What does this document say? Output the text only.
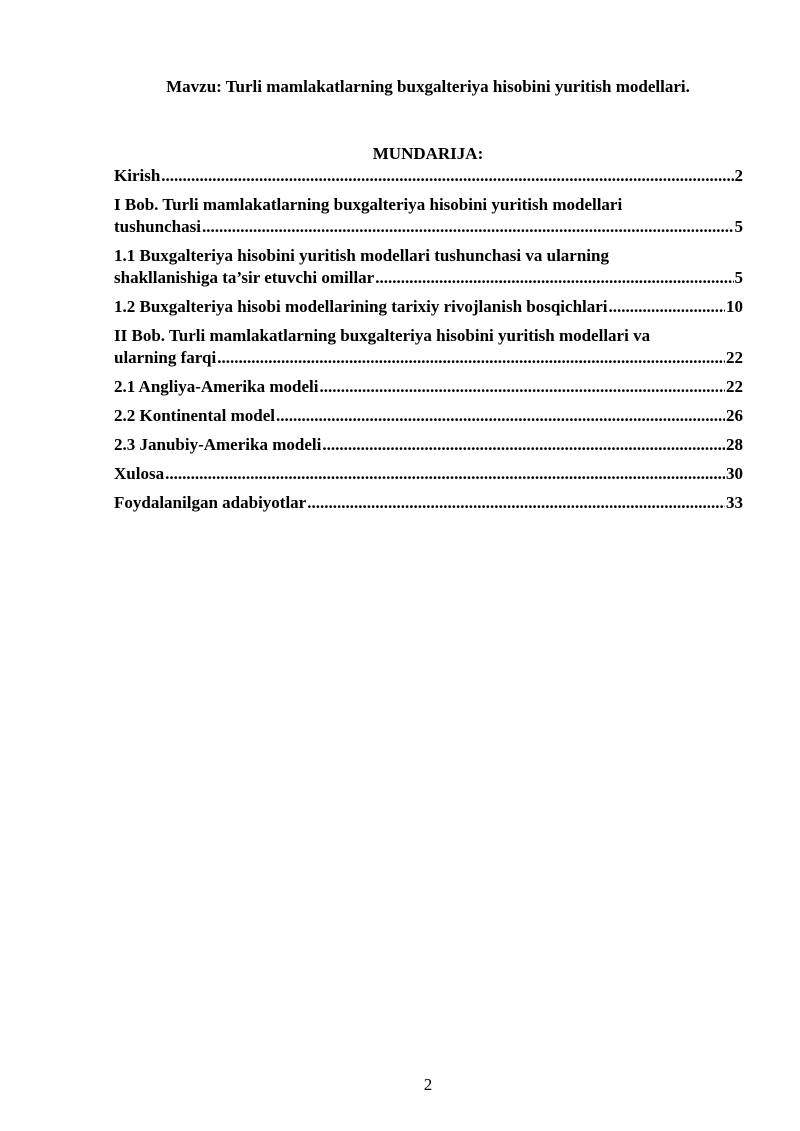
Mavzu: Turli mamlakatlarning buxgalteriya hisobini yuritish modellari.
MUNDARIJA:
Kirish .....	2
I Bob. Turli mamlakatlarning buxgalteriya hisobini yuritish modellari
tushunchasi .....	5
1.1 Buxgalteriya hisobini yuritish modellari tushunchasi va ularning
shakllanishiga ta’sir etuvchi omillar .....	5
1.2 Buxgalteriya hisobi modellarining tarixiy rivojlanish bosqichlari .....	10
II Bob. Turli mamlakatlarning buxgalteriya hisobini yuritish modellari va
ularning farqi .....	22
2.1 Angliya-Amerika modeli .....	22
2.2 Kontinental model .....	26
2.3 Janubiy-Amerika modeli .....	28
Xulosa .....	30
Foydalanilgan adabiyotlar .....	33
2
